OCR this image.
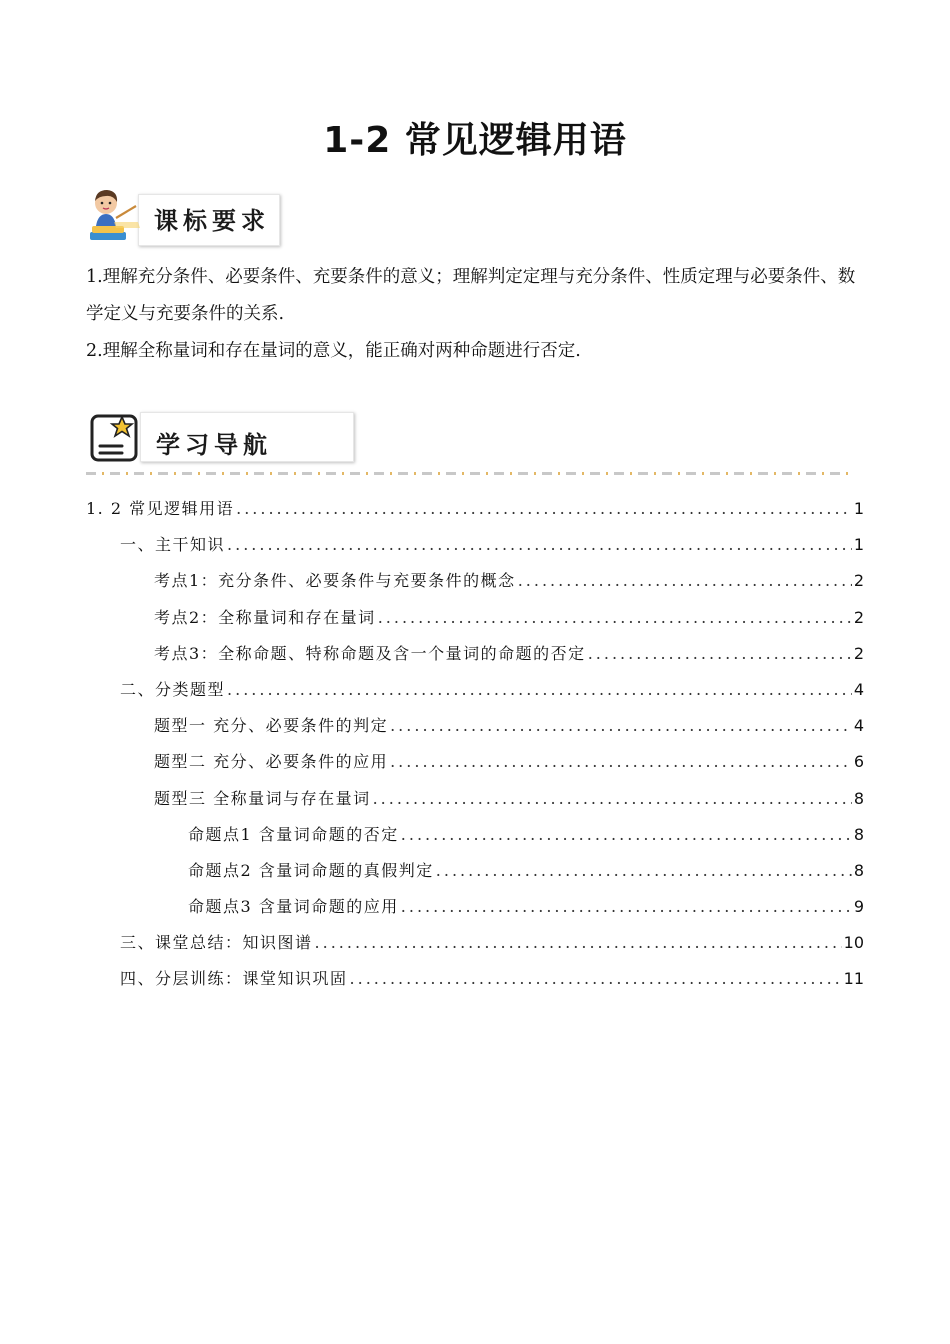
1-2 常见逻辑用语
课标要求

1.理解充分条件、必要条件、充要条件的意义；理解判定定理与充分条件、性质定理与必要条件、数学定义与充要条件的关系.

2.理解全称量词和存在量词的意义，能正确对两种命题进行否定.

学习导航
1. 2 常见逻辑用语 .....	1
一、主干知识 .....	1
考点1：充分条件、必要条件与充要条件的概念 .....	2
考点2：全称量词和存在量词 .....	2
考点3：全称命题、特称命题及含一个量词的命题的否定 .....	2
二、分类题型 .....	4
题型一 充分、必要条件的判定 .....	4
题型二 充分、必要条件的应用 .....	6
题型三 全称量词与存在量词 .....	8
命题点1 含量词命题的否定 .....	8
命题点2 含量词命题的真假判定 .....	8
命题点3 含量词命题的应用 .....	9
三、课堂总结：知识图谱 .....	10
四、分层训练：课堂知识巩固 .....	11
